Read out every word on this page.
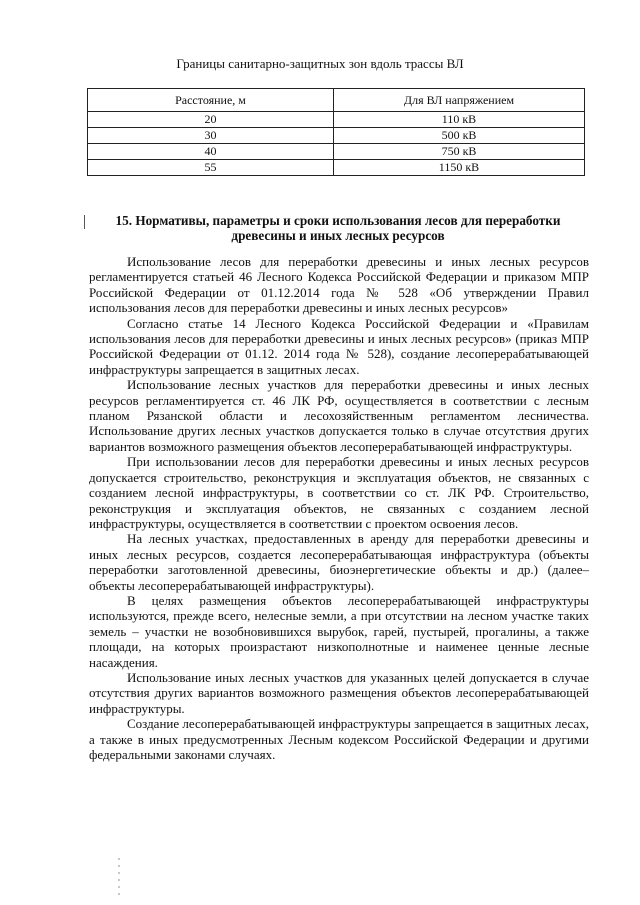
Границы санитарно-защитных зон вдоль трассы ВЛ
Расстояние, м	Для ВЛ напряжением
20	110 кВ
30	500 кВ
40	750 кВ
55	1150 кВ
15. Нормативы, параметры и сроки использования лесов для переработки древесины и иных лесных ресурсов

Использование лесов для переработки древесины и иных лесных ресурсов регламентируется статьей 46 Лесного Кодекса Российской Федерации и приказом МПР Российской Федерации от 01.12.2014 года № 528 «Об утверждении Правил использования лесов для переработки древесины и иных лесных ресурсов»

Согласно статье 14 Лесного Кодекса Российской Федерации и «Правилам использования лесов для переработки древесины и иных лесных ресурсов» (приказ МПР Российской Федерации от 01.12. 2014 года № 528), создание лесоперерабатывающей инфраструктуры запрещается в защитных лесах.

Использование лесных участков для переработки древесины и иных лесных ресурсов регламентируется ст. 46 ЛК РФ, осуществляется в соответствии с лесным планом Рязанской области и лесохозяйственным регламентом лесничества. Использование других лесных участков допускается только в случае отсутствия других вариантов возможного размещения объектов лесоперерабатывающей инфраструктуры.

При использовании лесов для переработки древесины и иных лесных ресурсов допускается строительство, реконструкция и эксплуатация объектов, не связанных с созданием лесной инфраструктуры, в соответствии со ст. ЛК РФ. Строительство, реконструкция и эксплуатация объектов, не связанных с созданием лесной инфраструктуры, осуществляется в соответствии с проектом освоения лесов.

На лесных участках, предоставленных в аренду для переработки древесины и иных лесных ресурсов, создается лесоперерабатывающая инфраструктура (объекты переработки заготовленной древесины, биоэнергетические объекты и др.) (далее–объекты лесоперерабатывающей инфраструктуры).

В целях размещения объектов лесоперерабатывающей инфраструктуры используются, прежде всего, нелесные земли, а при отсутствии на лесном участке таких земель – участки не возобновившихся вырубок, гарей, пустырей, прогалины, а также площади, на которых произрастают низкополнотные и наименее ценные лесные насаждения.

Использование иных лесных участков для указанных целей допускается в случае отсутствия других вариантов возможного размещения объектов лесоперерабатывающей инфраструктуры.

Создание лесоперерабатывающей инфраструктуры запрещается в защитных лесах, а также в иных предусмотренных Лесным кодексом Российской Федерации и другими федеральными законами случаях.
